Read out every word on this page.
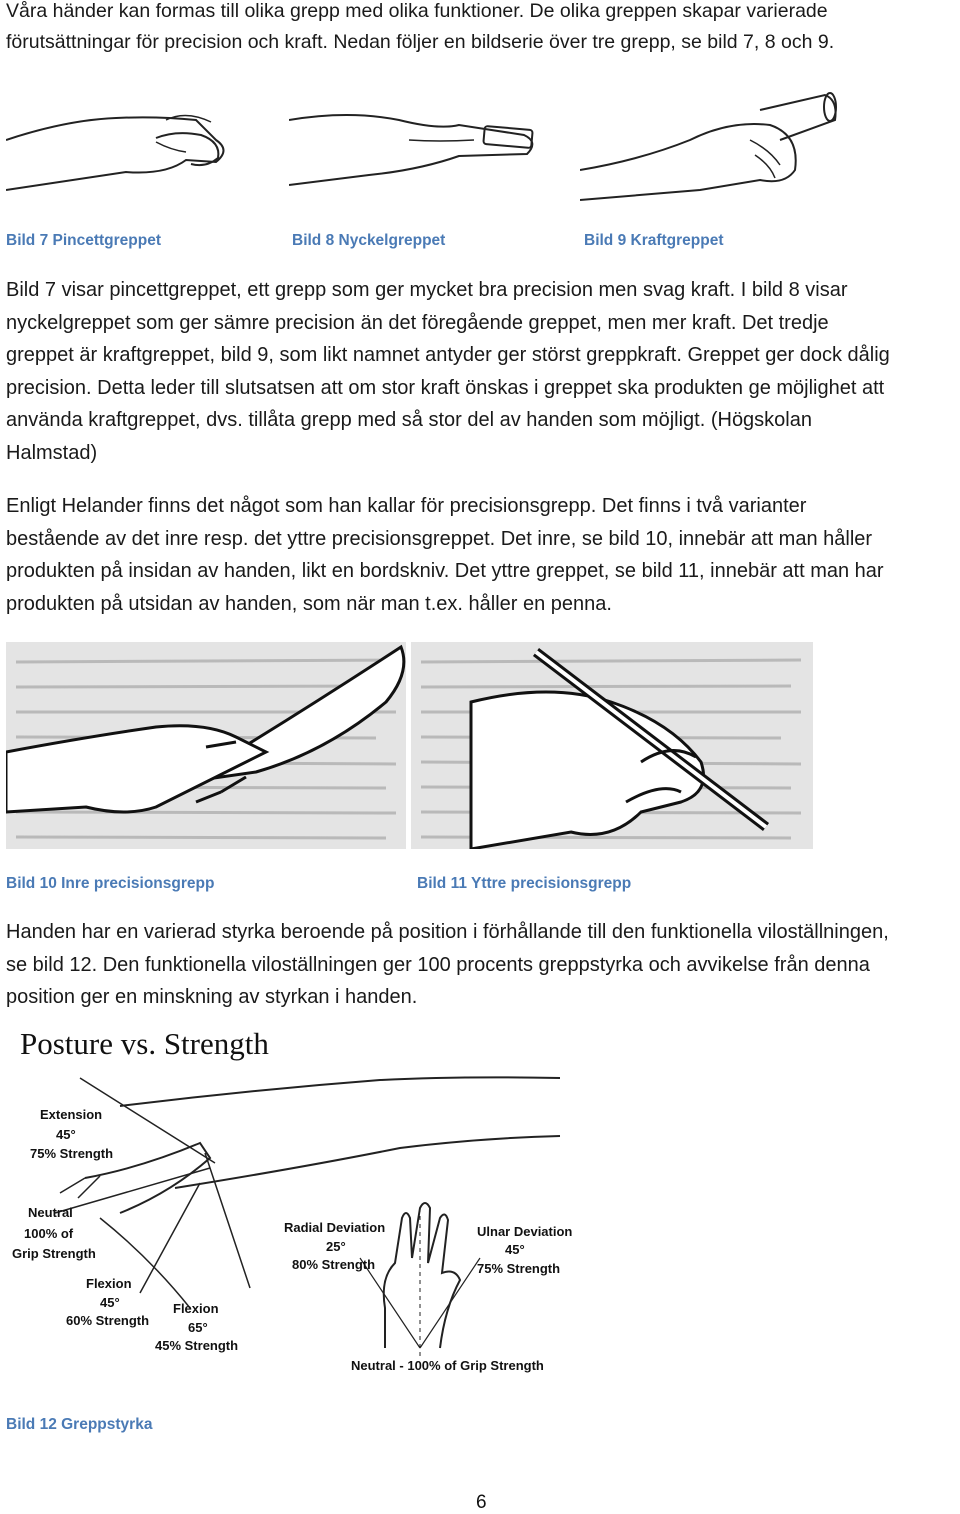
Våra händer kan formas till olika grepp med olika funktioner. De olika greppen skapar varierade
förutsättningar för precision och kraft. Nedan följer en bildserie över tre grepp, se bild 7, 8 och 9.
Bild 7 Pincettgreppet	Bild 8 Nyckelgreppet	Bild 9 Kraftgreppet
Bild 7 visar pincettgreppet, ett grepp som ger mycket bra precision men svag kraft. I bild 8 visar
nyckelgreppet som ger sämre precision än det föregående greppet, men mer kraft. Det tredje
greppet är kraftgreppet, bild 9, som likt namnet antyder ger störst greppkraft. Greppet ger dock dålig
precision. Detta leder till slutsatsen att om stor kraft önskas i greppet ska produkten ge möjlighet att
använda kraftgreppet, dvs. tillåta grepp med så stor del av handen som möjligt. (Högskolan
Halmstad)
Enligt Helander finns det något som han kallar för precisionsgrepp. Det finns i två varianter
bestående av det inre resp. det yttre precisionsgreppet. Det inre, se bild 10, innebär att man håller
produkten på insidan av handen, likt en bordskniv. Det yttre greppet, se bild 11, innebär att man har
produkten på utsidan av handen, som när man t.ex. håller en penna.
Bild 10 Inre precisionsgrepp	Bild 11 Yttre precisionsgrepp
Handen har en varierad styrka beroende på position i förhållande till den funktionella viloställningen,
se bild 12. Den funktionella viloställningen ger 100 procents greppstyrka och avvikelse från denna
position ger en minskning av styrkan i handen.
Posture vs. Strength
Extension
45°
75% Strength
Neutral
100% of
Grip Strength
Flexion
45°
60% Strength
Flexion
65°
45% Strength
Radial Deviation
25°
80% Strength
Ulnar Deviation
45°
75% Strength
Neutral - 100% of Grip Strength
Bild 12 Greppstyrka
6
